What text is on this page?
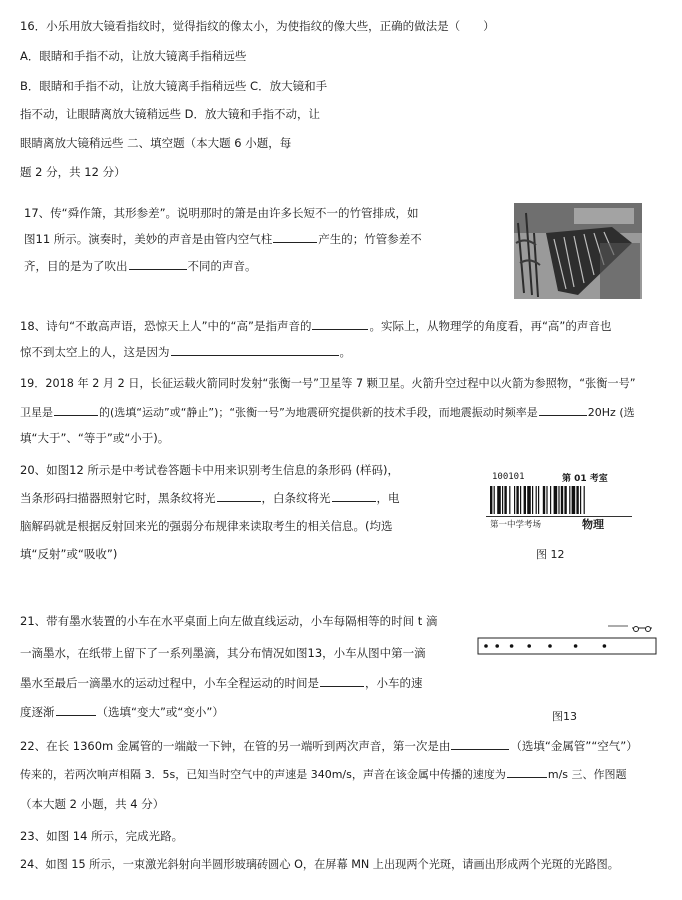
16．小乐用放大镜看指纹时，觉得指纹的像太小，为使指纹的像大些，正确的做法是（　　）
A．眼睛和手指不动，让放大镜离手指稍远些
B．眼睛和手指不动，让放大镜离手指稍远些 C．放大镜和手
指不动，让眼睛离放大镜稍远些 D．放大镜和手指不动，让
眼睛离放大镜稍远些 二、填空题（本大题 6 小题，每
题 2 分，共 12 分）
17、传“舜作箫，其形参差”。说明那时的箫是由许多长短不一的竹管排成，如
图11 所示。演奏时，美妙的声音是由管内空气柱	产生的；竹管参差不
齐，目的是为了吹出	不同的声音。
18、诗句“不敢高声语，恐惊天上人”中的“高”是指声音的	。实际上，从物理学的角度看，再“高”的声音也
惊不到太空上的人，这是因为	。
19．2018 年 2 月 2 日，长征运载火箭同时发射“张衡一号”卫星等 7 颗卫星。火箭升空过程中以火箭为参照物，“张衡一号”
卫星是	的(选填“运动”或“静止”)；“张衡一号”为地震研究提供新的技术手段，而地震振动时频率是	20Hz (选
填“大于”、“等于”或“小于)。
20、如图12 所示是中考试卷答题卡中用来识别考生信息的条形码 (样码)，
当条形码扫描器照射它时，黑条纹将光	，白条纹将光	，电
脑解码就是根据反射回来光的强弱分布规律来读取考生的相关信息。(均选
填“反射”或“吸收”)
100101	第 01 考室
第一中学考场	物理
图 12
21、带有墨水装置的小车在水平桌面上向左做直线运动，小车每隔相等的时间 t 滴
一滴墨水，在纸带上留下了一系列墨滴，其分布情况如图13，小车从图中第一滴
墨水至最后一滴墨水的运动过程中，小车全程运动的时间是	，小车的速
度逐渐	（选填“变大”或“变小”）	图13
22、在长 1360m 金属管的一端敲一下钟，在管的另一端听到两次声音，第一次是由	（选填“金属管”“空气”）
传来的，若两次响声相隔 3．5s，已知当时空气中的声速是 340m/s，声音在该金属中传播的速度为	m/s 三、作图题
（本大题 2 小题，共 4 分）
23、如图 14 所示，完成光路。
24、如图 15 所示，一束激光斜射向半圆形玻璃砖圆心 O，在屏幕 MN 上出现两个光斑，请画出形成两个光斑的光路图。
